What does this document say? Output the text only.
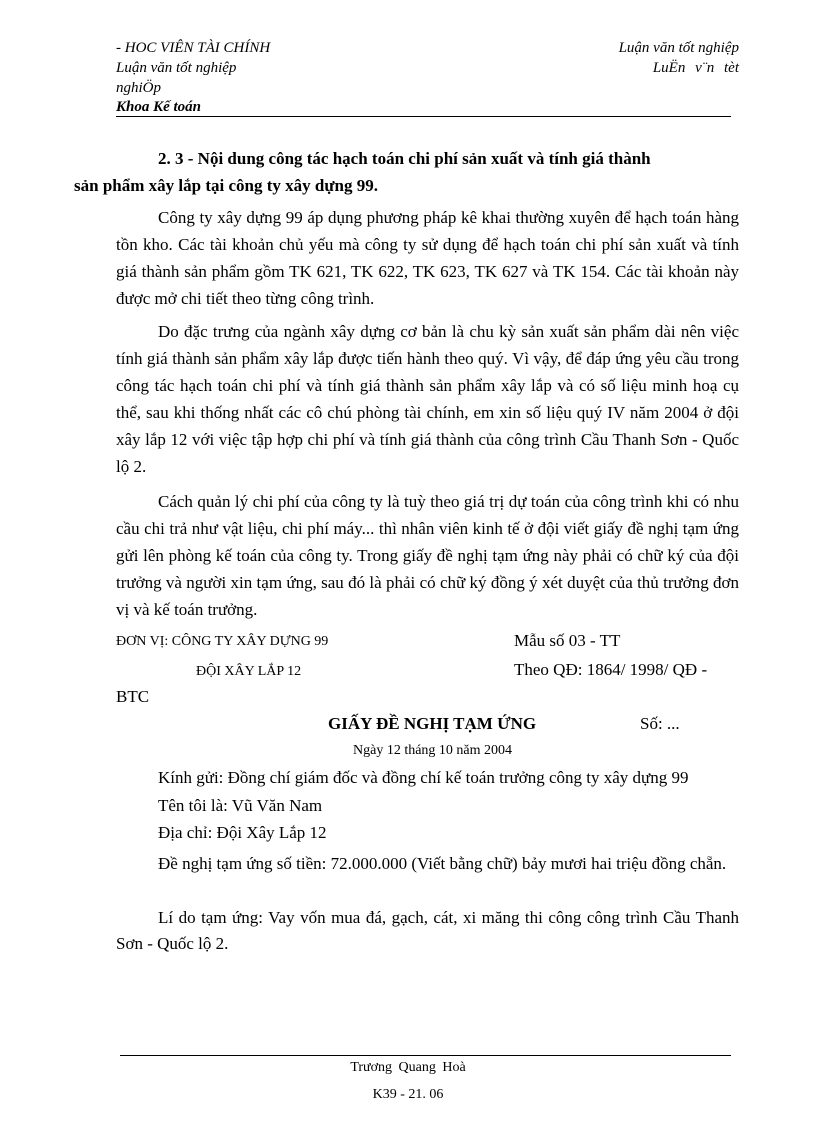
- HOC VIÊN TÀI CHÍNH

Luận văn tốt nghiệp

nghiÖp

Khoa Kế toán

Luận văn tốt nghiệp

LuËn v¨n tèt

2. 3 - Nội dung công tác hạch toán chi phí sản xuất và tính giá thành
sản phẩm xây lắp tại công ty xây dựng 99.

Công ty xây dựng 99 áp dụng phương pháp kê khai thường xuyên để hạch toán hàng tồn kho. Các tài khoản chủ yếu mà công ty sử dụng để hạch toán chi phí sản xuất và tính giá thành sản phẩm gồm TK 621, TK 622, TK 623, TK 627 và TK 154. Các tài khoản này được mở chi tiết theo từng công trình.

Do đặc trưng của ngành xây dựng cơ bản là chu kỳ sản xuất sản phẩm dài nên việc tính giá thành sản phẩm xây lắp được tiến hành theo quý. Vì vậy, để đáp ứng yêu cầu trong công tác hạch toán chi phí và tính giá thành sản phẩm xây lắp và có số liệu minh hoạ cụ thể, sau khi thống nhất các cô chú phòng tài chính, em xin số liệu quý IV năm 2004 ở đội xây lắp 12 với việc tập hợp chi phí và tính giá thành của công trình Cầu Thanh Sơn - Quốc lộ 2.

Cách quản lý chi phí của công ty là tuỳ theo giá trị dự toán của công trình khi có nhu cầu chi trả như vật liệu, chi phí máy... thì nhân viên kinh tế ở đội viết giấy đề nghị tạm ứng gửi lên phòng kế toán của công ty. Trong giấy đề nghị tạm ứng này phải có chữ ký của đội trưởng và người xin tạm ứng, sau đó là phải có chữ ký đồng ý xét duyệt của thủ trưởng đơn vị và kế toán trưởng.

ĐƠN VỊ: CÔNG TY XÂY DỰNG 99

ĐỘI XÂY LẮP 12

Mẫu số 03 - TT

Theo QĐ: 1864/ 1998/ QĐ -

BTC

GIẤY ĐỀ NGHỊ TẠM ỨNG	Số: ...

Ngày 12 tháng 10 năm 2004

Kính gửi: Đồng chí giám đốc và đồng chí kế toán trưởng công ty xây dựng 99

Tên tôi là: Vũ Văn Nam

Địa chỉ: Đội Xây Lắp 12

Đề nghị tạm ứng số tiền: 72.000.000 (Viết bằng chữ) bảy mươi hai triệu đồng chẵn.

Lí do tạm ứng: Vay vốn mua đá, gạch, cát, xi măng thi công công trình Cầu Thanh Sơn - Quốc lộ 2.

Trương Quang Hoà

K39 - 21. 06
